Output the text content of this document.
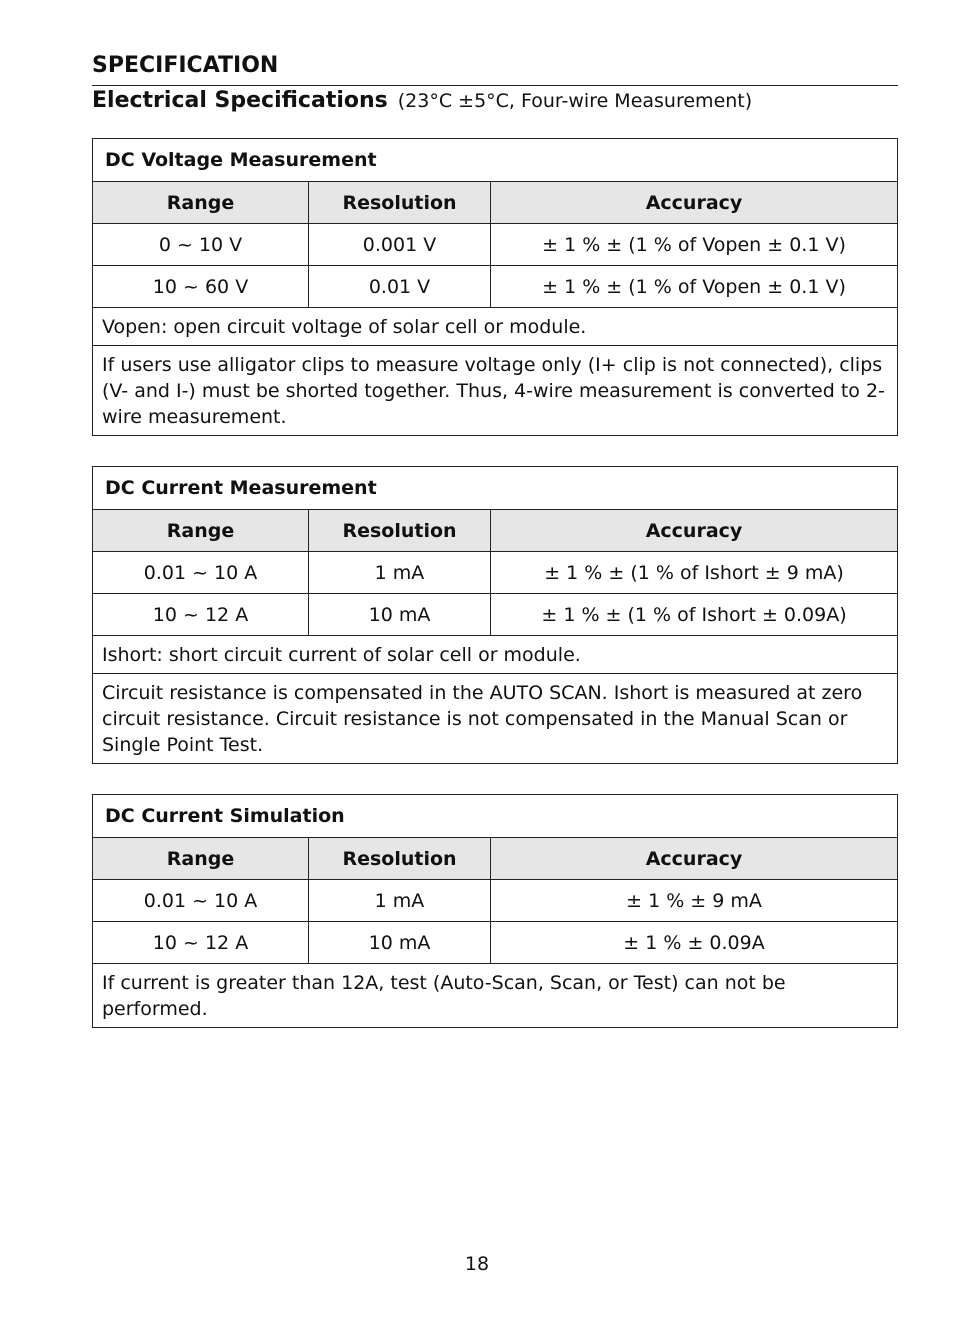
SPECIFICATION
Electrical Specifications (23°C ±5°C, Four-wire Measurement)
DC Voltage Measurement		
Range	Resolution	Accuracy
0 ~ 10 V	0.001 V	± 1 % ± (1 % of Vopen ± 0.1 V)
10 ~ 60 V	0.01 V	± 1 % ± (1 % of Vopen ± 0.1 V)
Vopen: open circuit voltage of solar cell or module.		
If users use alligator clips to measure voltage only (I+ clip is not connected), clips (V- and I-) must be shorted together. Thus, 4-wire measurement is converted to 2-wire measurement.		
DC Current Measurement		
Range	Resolution	Accuracy
0.01 ~ 10 A	1 mA	± 1 % ± (1 % of Ishort ± 9 mA)
10 ~ 12 A	10 mA	± 1 % ± (1 % of Ishort ± 0.09A)
Ishort: short circuit current of solar cell or module.		
Circuit resistance is compensated in the AUTO SCAN. Ishort is measured at zero circuit resistance. Circuit resistance is not compensated in the Manual Scan or Single Point Test.		
DC Current Simulation		
Range	Resolution	Accuracy
0.01 ~ 10 A	1 mA	± 1 % ± 9 mA
10 ~ 12 A	10 mA	± 1 % ± 0.09A
If current is greater than 12A, test (Auto-Scan, Scan, or Test) can not be performed.		
18
